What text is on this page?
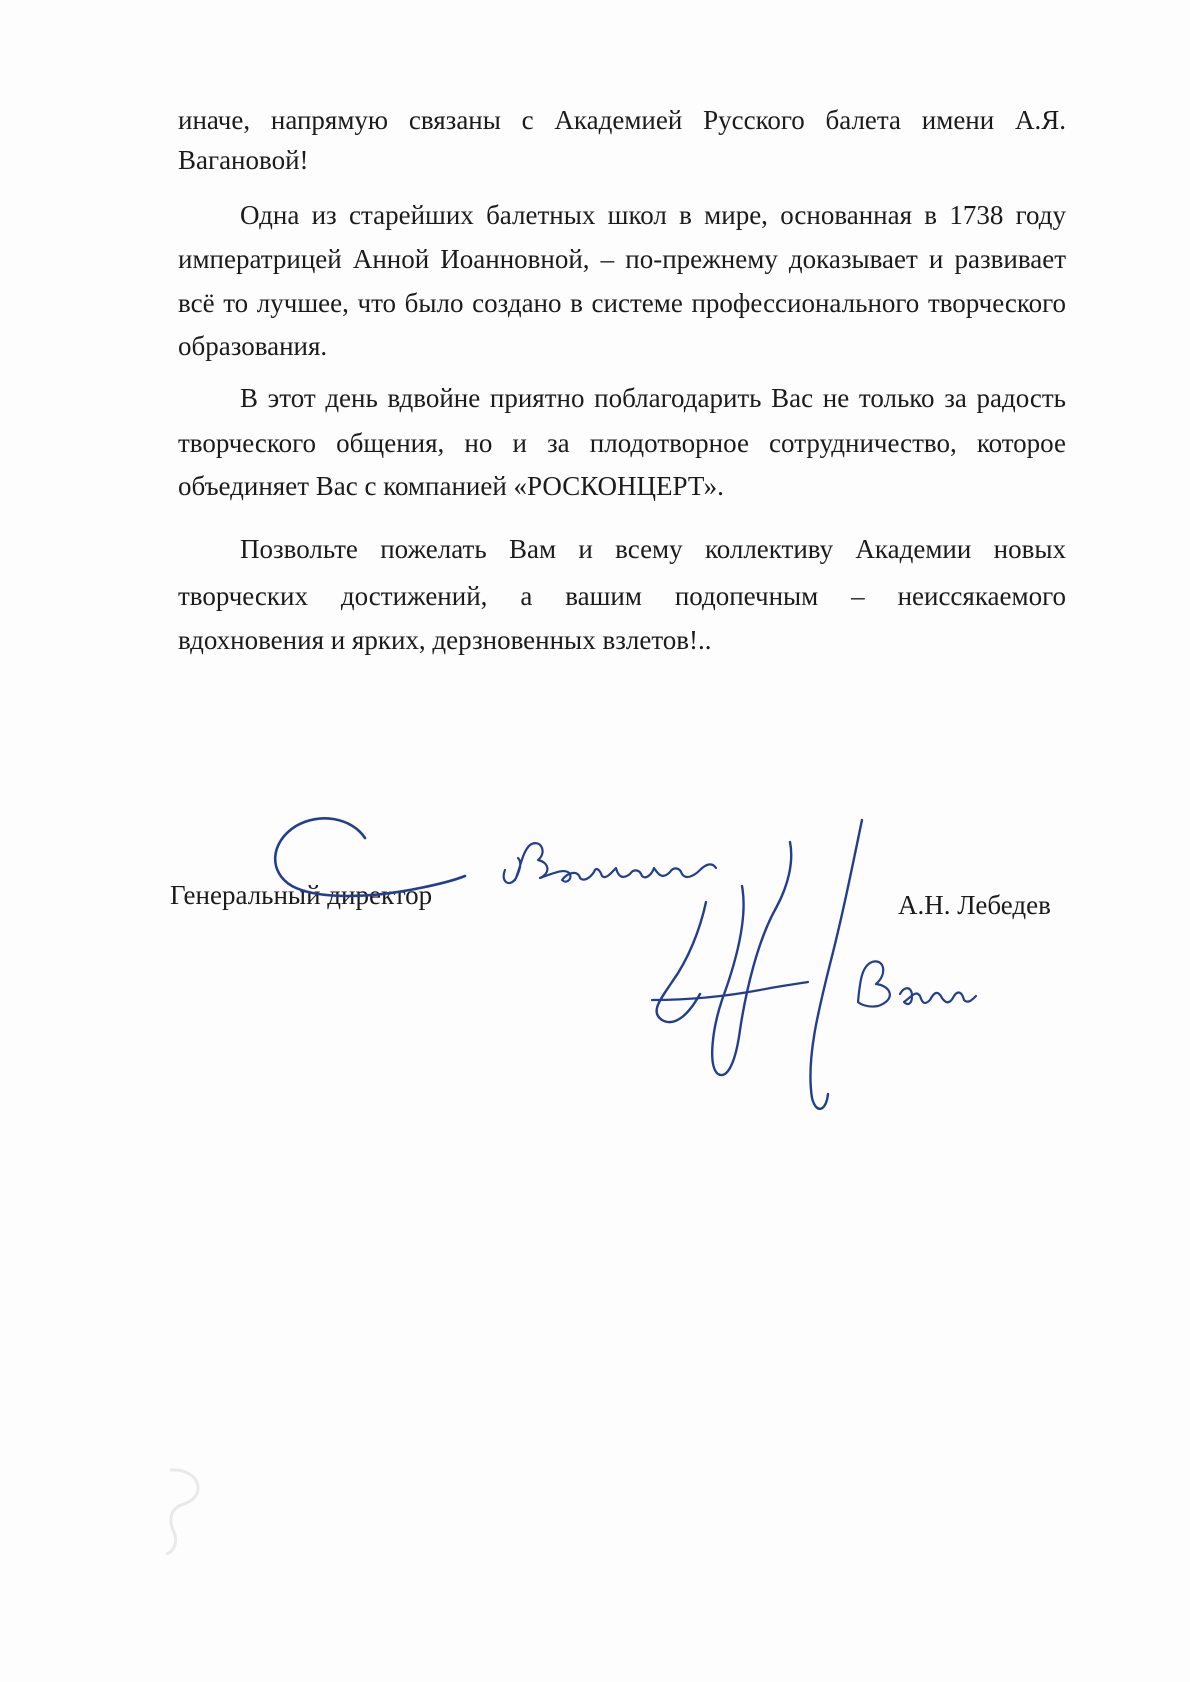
иначе, напрямую связаны с Академией Русского балета имени А.Я.
Вагановой!
Одна из старейших балетных школ в мире, основанная в 1738 году
императрицей Анной Иоанновной, – по-прежнему доказывает и развивает
всё то лучшее, что было создано в системе профессионального творческого
образования.
В этот день вдвойне приятно поблагодарить Вас не только за радость
творческого общения, но и за плодотворное сотрудничество, которое
объединяет Вас с компанией «РОСКОНЦЕРТ».
Позвольте пожелать Вам и всему коллективу Академии новых
творческих достижений, а вашим подопечным – неиссякаемого
вдохновения и ярких, дерзновенных взлетов!..
Генеральный директор	А.Н. Лебедев
